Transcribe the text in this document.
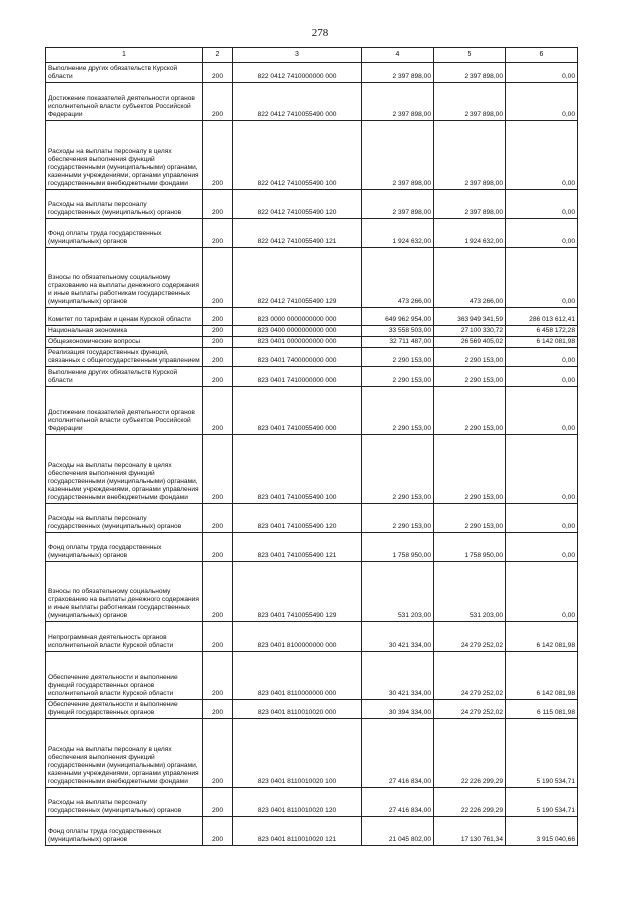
278
1	2	3	4	5	6
Выполнение других обязательств Курской области	200	822 0412 7410000000 000	2 397 898,00	2 397 898,00	0,00
Достижение показателей деятельности органов исполнительной власти субъектов Российской Федерации	200	822 0412 7410055490 000	2 397 898,00	2 397 898,00	0,00
Расходы на выплаты персоналу в целях обеспечения выполнения функций государственными (муниципальными) органами, казенными учреждениями, органами управления государственными внебюджетными фондами	200	822 0412 7410055490 100	2 397 898,00	2 397 898,00	0,00
Расходы на выплаты персоналу государственных (муниципальных) органов	200	822 0412 7410055490 120	2 397 898,00	2 397 898,00	0,00
Фонд оплаты труда государственных (муниципальных) органов	200	822 0412 7410055490 121	1 924 632,00	1 924 632,00	0,00
Взносы по обязательному социальному страхованию на выплаты денежного содержания и иные выплаты работникам государственных (муниципальных) органов	200	822 0412 7410055490 129	473 266,00	473 266,00	0,00
Комитет по тарифам и ценам Курской области	200	823 0000 0000000000 000	649 962 954,00	363 949 341,59	286 013 612,41
Национальная экономика	200	823 0400 0000000000 000	33 558 503,00	27 100 330,72	6 458 172,28
Общеэкономические вопросы	200	823 0401 0000000000 000	32 711 487,00	26 569 405,02	6 142 081,98
Реализация государственных функций, связанных с общегосударственным управлением	200	823 0401 7400000000 000	2 290 153,00	2 290 153,00	0,00
Выполнение других обязательств Курской области	200	823 0401 7410000000 000	2 290 153,00	2 290 153,00	0,00
Достижение показателей деятельности органов исполнительной власти субъектов Российской Федерации	200	823 0401 7410055490 000	2 290 153,00	2 290 153,00	0,00
Расходы на выплаты персоналу в целях обеспечения выполнения функций государственными (муниципальными) органами, казенными учреждениями, органами управления государственными внебюджетными фондами	200	823 0401 7410055490 100	2 290 153,00	2 290 153,00	0,00
Расходы на выплаты персоналу государственных (муниципальных) органов	200	823 0401 7410055490 120	2 290 153,00	2 290 153,00	0,00
Фонд оплаты труда государственных (муниципальных) органов	200	823 0401 7410055490 121	1 758 950,00	1 758 950,00	0,00
Взносы по обязательному социальному страхованию на выплаты денежного содержания и иные выплаты работникам государственных (муниципальных) органов	200	823 0401 7410055490 129	531 203,00	531 203,00	0,00
Непрограммная деятельность органов исполнительной власти Курской области	200	823 0401 8100000000 000	30 421 334,00	24 279 252,02	6 142 081,98
Обеспечение деятельности и выполнение функций государственных органов исполнительной власти Курской области	200	823 0401 8110000000 000	30 421 334,00	24 279 252,02	6 142 081,98
Обеспечение деятельности и выполнение функций государственных органов	200	823 0401 8110010020 000	30 394 334,00	24 279 252,02	6 115 081,98
Расходы на выплаты персоналу в целях обеспечения выполнения функций государственными (муниципальными) органами, казенными учреждениями, органами управления государственными внебюджетными фондами	200	823 0401 8110010020 100	27 416 834,00	22 226 299,29	5 190 534,71
Расходы на выплаты персоналу государственных (муниципальных) органов	200	823 0401 8110010020 120	27 416 834,00	22 226 299,29	5 190 534,71
Фонд оплаты труда государственных (муниципальных) органов	200	823 0401 8110010020 121	21 045 802,00	17 130 761,34	3 915 040,66
